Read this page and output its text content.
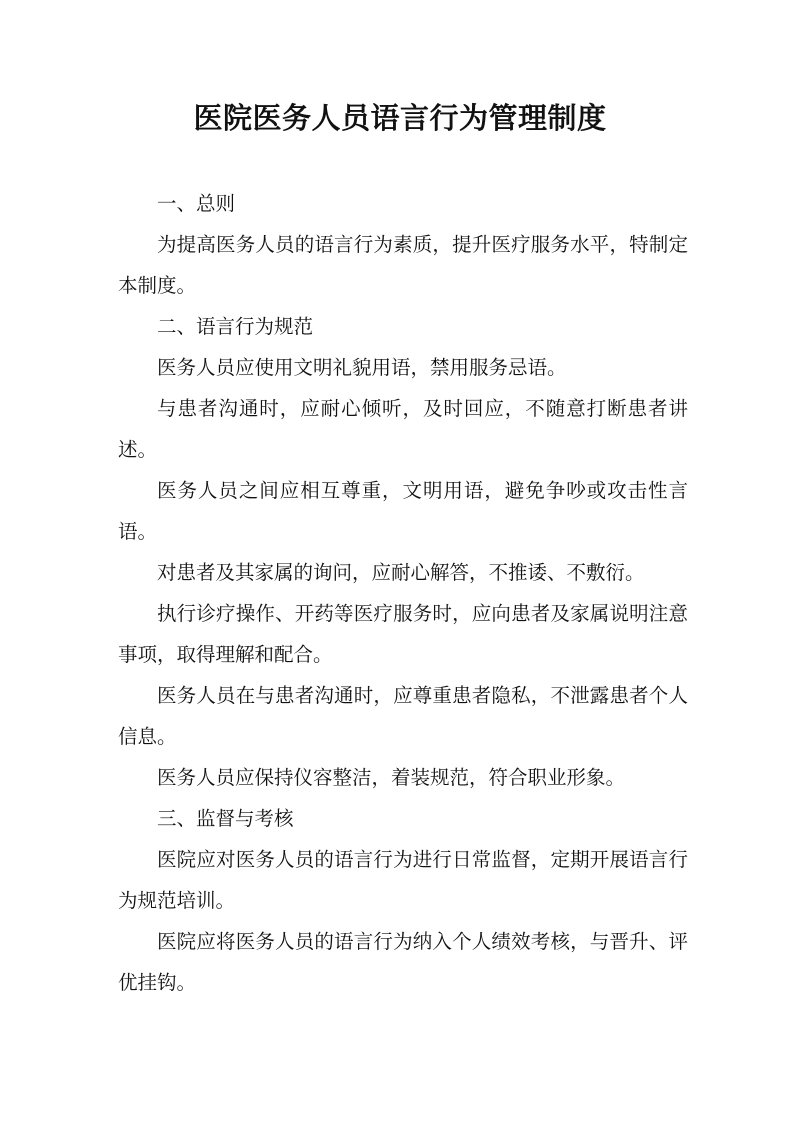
医院医务人员语言行为管理制度

一、总则

为提高医务人员的语言行为素质，提升医疗服务水平，特制定本制度。

二、语言行为规范

医务人员应使用文明礼貌用语，禁用服务忌语。

与患者沟通时，应耐心倾听，及时回应，不随意打断患者讲述。

医务人员之间应相互尊重，文明用语，避免争吵或攻击性言语。

对患者及其家属的询问，应耐心解答，不推诿、不敷衍。

执行诊疗操作、开药等医疗服务时，应向患者及家属说明注意事项，取得理解和配合。

医务人员在与患者沟通时，应尊重患者隐私，不泄露患者个人信息。

医务人员应保持仪容整洁，着装规范，符合职业形象。

三、监督与考核

医院应对医务人员的语言行为进行日常监督，定期开展语言行为规范培训。

医院应将医务人员的语言行为纳入个人绩效考核，与晋升、评优挂钩。
